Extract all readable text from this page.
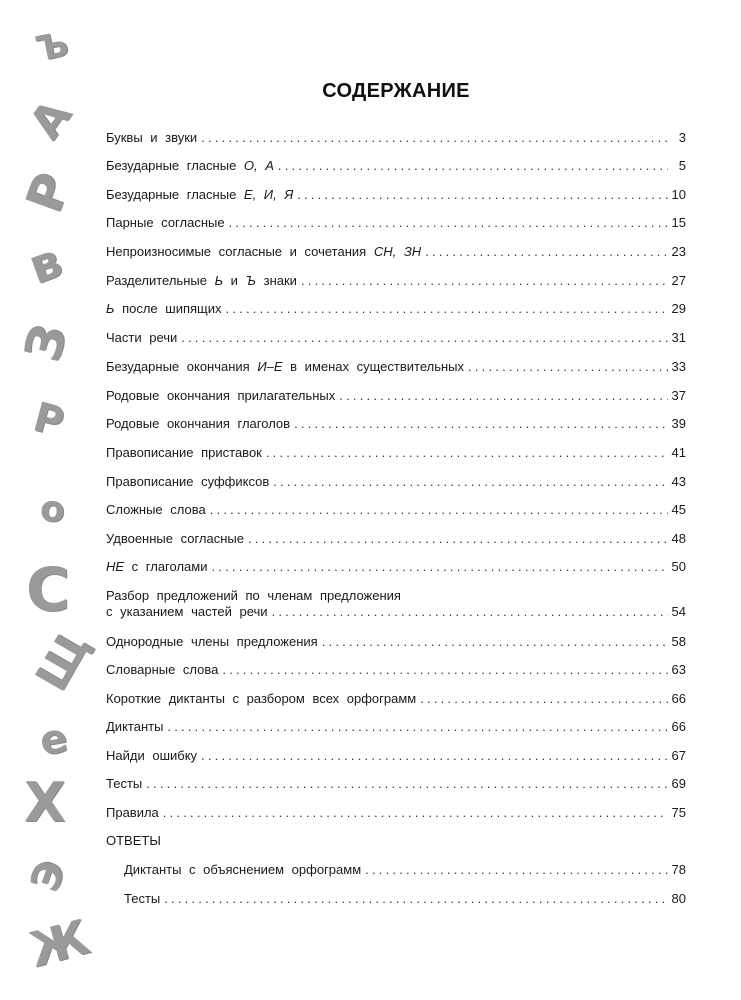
Ъ
А
Р
в
З
Р
о
С
Щ
е
Х
Э
Ж
СОДЕРЖАНИЕ
Буквы и звуки .....	3
Безударные гласные О, А .....	5
Безударные гласные Е, И, Я .....	10
Парные согласные .....	15
Непроизносимые согласные и сочетания СН, ЗН .....	23
Разделительные Ь и Ъ знаки .....	27
Ь после шипящих .....	29
Части речи .....	31
Безударные окончания И–Е в именах существительных .....	33
Родовые окончания прилагательных .....	37
Родовые окончания глаголов .....	39
Правописание приставок .....	41
Правописание суффиксов .....	43
Сложные слова .....	45
Удвоенные согласные .....	48
НЕ с глаголами .....	50
Разбор предложений по членам предложения
с указанием частей речи .....	54
Однородные члены предложения .....	58
Словарные слова .....	63
Короткие диктанты с разбором всех орфограмм .....	66
Диктанты .....	66
Найди ошибку .....	67
Тесты .....	69
Правила .....	75
ОТВЕТЫ
Диктанты с объяснением орфограмм .....	78
Тесты .....	80
